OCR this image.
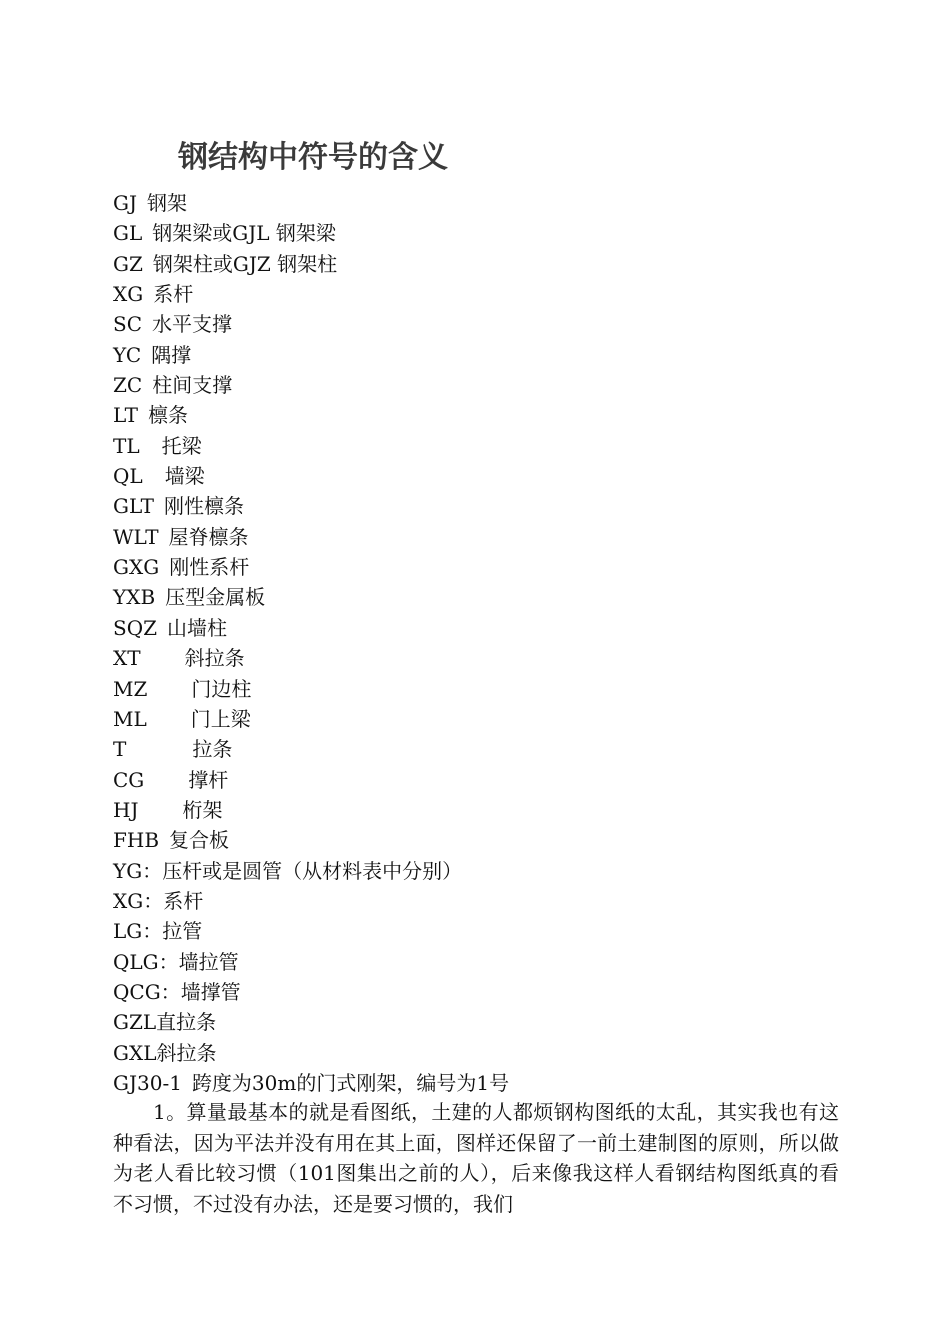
钢结构中符号的含义
GJ 钢架
GL 钢架梁或GJL 钢架梁
GZ 钢架柱或GJZ 钢架柱
XG 系杆
SC 水平支撑
YC 隅撑
ZC 柱间支撑
LT 檩条
TL 托梁
QL 墙梁
GLT 刚性檩条
WLT 屋脊檩条
GXG 刚性系杆
YXB 压型金属板
SQZ 山墙柱
XT 斜拉条
MZ 门边柱
ML 门上梁
T	拉条
CG 撑杆
HJ 桁架
FHB 复合板
YG： 压杆或是圆管（从材料表中分别）
XG： 系杆
LG： 拉管
QLG： 墙拉管
QCG： 墙撑管
GZL 直拉条
GXL 斜拉条
GJ30-1 跨度为30m的门式刚架，编号为1号

1。算量最基本的就是看图纸，土建的人都烦钢构图纸的太乱，其实我也有这种看法，因为平法并没有用在其上面，图样还保留了一前土建制图的原则，所以做为老人看比较习惯（101图集出之前的人），后来像我这样人看钢结构图纸真的看不习惯，不过没有办法，还是要习惯的，我们
